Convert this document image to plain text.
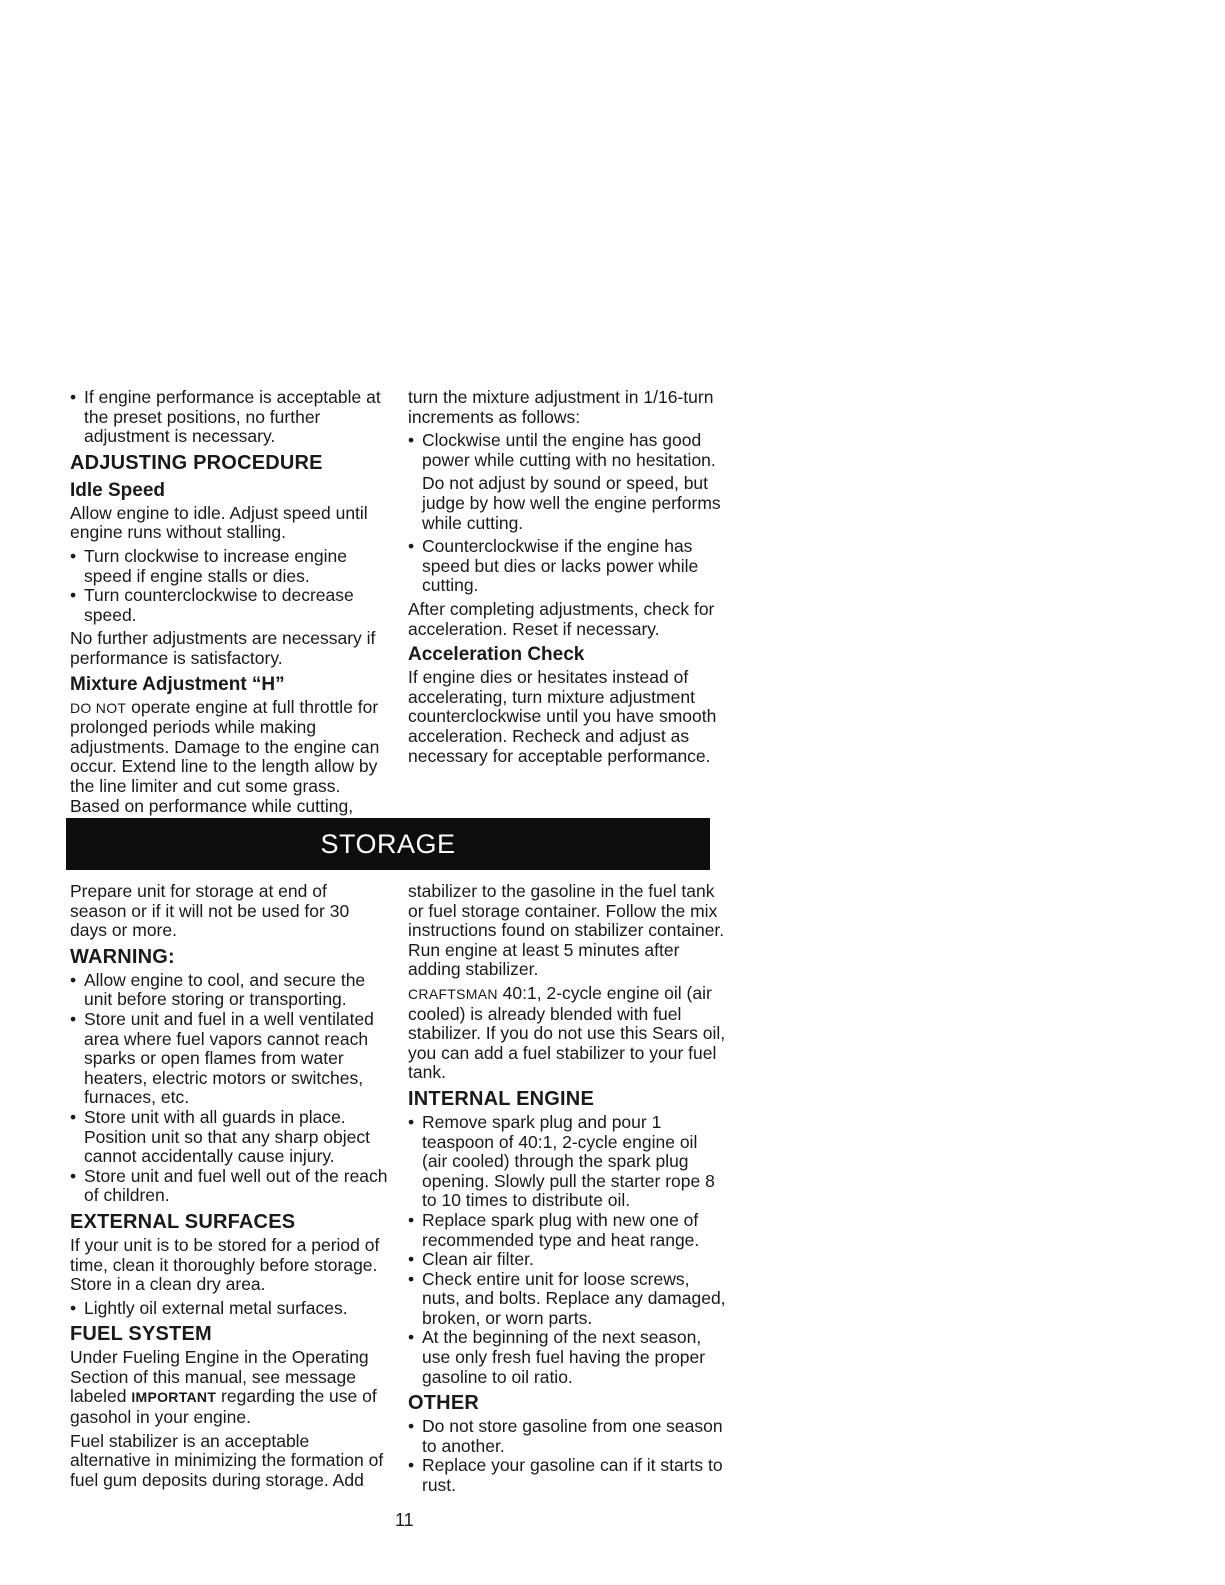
• If engine performance is acceptable at the preset positions, no further adjustment is necessary.
ADJUSTING PROCEDURE
Idle Speed

Allow engine to idle. Adjust speed until engine runs without stalling.

• Turn clockwise to increase engine speed if engine stalls or dies.
• Turn counterclockwise to decrease speed.

No further adjustments are necessary if performance is satisfactory.

Mixture Adjustment “H”

DO NOT operate engine at full throttle for prolonged periods while making adjustments. Damage to the engine can occur. Extend line to the length allow by the line limiter and cut some grass. Based on performance while cutting,

turn the mixture adjustment in 1/16-turn increments as follows:

• Clockwise until the engine has good power while cutting with no hesitation.

Do not adjust by sound or speed, but judge by how well the engine performs while cutting.

• Counterclockwise if the engine has speed but dies or lacks power while cutting.

After completing adjustments, check for acceleration. Reset if necessary.

Acceleration Check

If engine dies or hesitates instead of accelerating, turn mixture adjustment counterclockwise until you have smooth acceleration. Recheck and adjust as necessary for acceptable performance.

STORAGE

Prepare unit for storage at end of season or if it will not be used for 30 days or more.

WARNING:
• Allow engine to cool, and secure the unit before storing or transporting.
• Store unit and fuel in a well ventilated area where fuel vapors cannot reach sparks or open flames from water heaters, electric motors or switches, furnaces, etc.
• Store unit with all guards in place. Position unit so that any sharp object cannot accidentally cause injury.
• Store unit and fuel well out of the reach of children.
EXTERNAL SURFACES

If your unit is to be stored for a period of time, clean it thoroughly before storage. Store in a clean dry area.

• Lightly oil external metal surfaces.
FUEL SYSTEM

Under Fueling Engine in the Operating Section of this manual, see message labeled IMPORTANT regarding the use of gasohol in your engine.

Fuel stabilizer is an acceptable alternative in minimizing the formation of fuel gum deposits during storage. Add

stabilizer to the gasoline in the fuel tank or fuel storage container. Follow the mix instructions found on stabilizer container. Run engine at least 5 minutes after adding stabilizer.

CRAFTSMAN 40:1, 2-cycle engine oil (air cooled) is already blended with fuel stabilizer. If you do not use this Sears oil, you can add a fuel stabilizer to your fuel tank.

INTERNAL ENGINE
• Remove spark plug and pour 1 teaspoon of 40:1, 2-cycle engine oil (air cooled) through the spark plug opening. Slowly pull the starter rope 8 to 10 times to distribute oil.
• Replace spark plug with new one of recommended type and heat range.
• Clean air filter.
• Check entire unit for loose screws, nuts, and bolts. Replace any damaged, broken, or worn parts.
• At the beginning of the next season, use only fresh fuel having the proper gasoline to oil ratio.
OTHER
• Do not store gasoline from one season to another.
• Replace your gasoline can if it starts to rust.
11
